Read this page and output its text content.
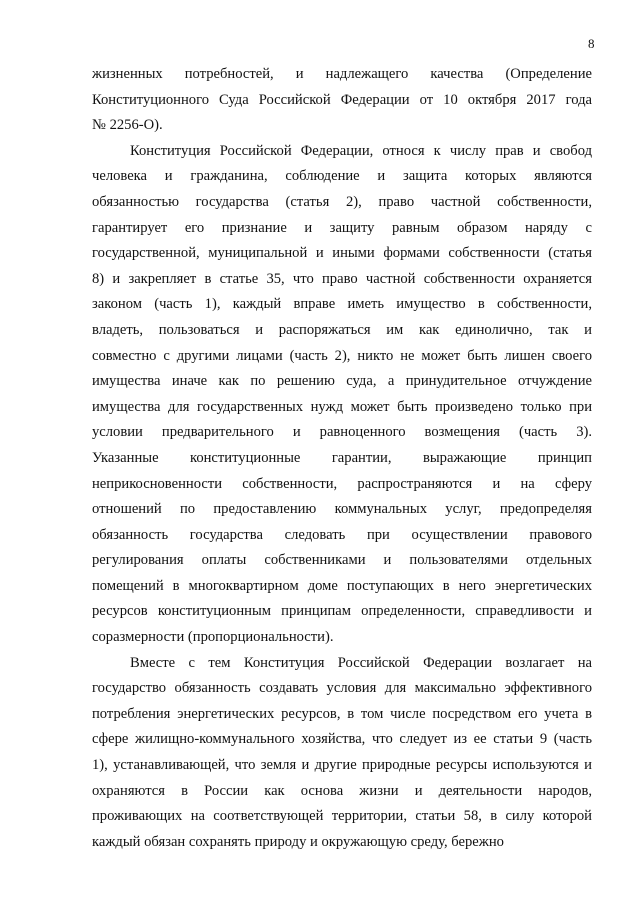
8
жизненных потребностей, и надлежащего качества (Определение
Конституционного Суда Российской Федерации от 10 октября 2017 года
№ 2256-О).
Конституция Российской Федерации, относя к числу прав и свобод
человека и гражданина, соблюдение и защита которых являются
обязанностью государства (статья 2), право частной собственности,
гарантирует его признание и защиту равным образом наряду с
государственной, муниципальной и иными формами собственности (статья
8) и закрепляет в статье 35, что право частной собственности охраняется
законом (часть 1), каждый вправе иметь имущество в собственности,
владеть, пользоваться и распоряжаться им как единолично, так и
совместно с другими лицами (часть 2), никто не может быть лишен своего
имущества иначе как по решению суда, а принудительное отчуждение
имущества для государственных нужд может быть произведено только при
условии предварительного и равноценного возмещения (часть 3).
Указанные конституционные гарантии, выражающие принцип
неприкосновенности собственности, распространяются и на сферу
отношений по предоставлению коммунальных услуг, предопределяя
обязанность государства следовать при осуществлении правового
регулирования оплаты собственниками и пользователями отдельных
помещений в многоквартирном доме поступающих в него энергетических
ресурсов конституционным принципам определенности, справедливости и
соразмерности (пропорциональности).
Вместе с тем Конституция Российской Федерации возлагает на
государство обязанность создавать условия для максимально эффективного
потребления энергетических ресурсов, в том числе посредством его учета в
сфере жилищно-коммунального хозяйства, что следует из ее статьи 9 (часть
1), устанавливающей, что земля и другие природные ресурсы используются и
охраняются в России как основа жизни и деятельности народов,
проживающих на соответствующей территории, статьи 58, в силу которой
каждый обязан сохранять природу и окружающую среду, бережно
